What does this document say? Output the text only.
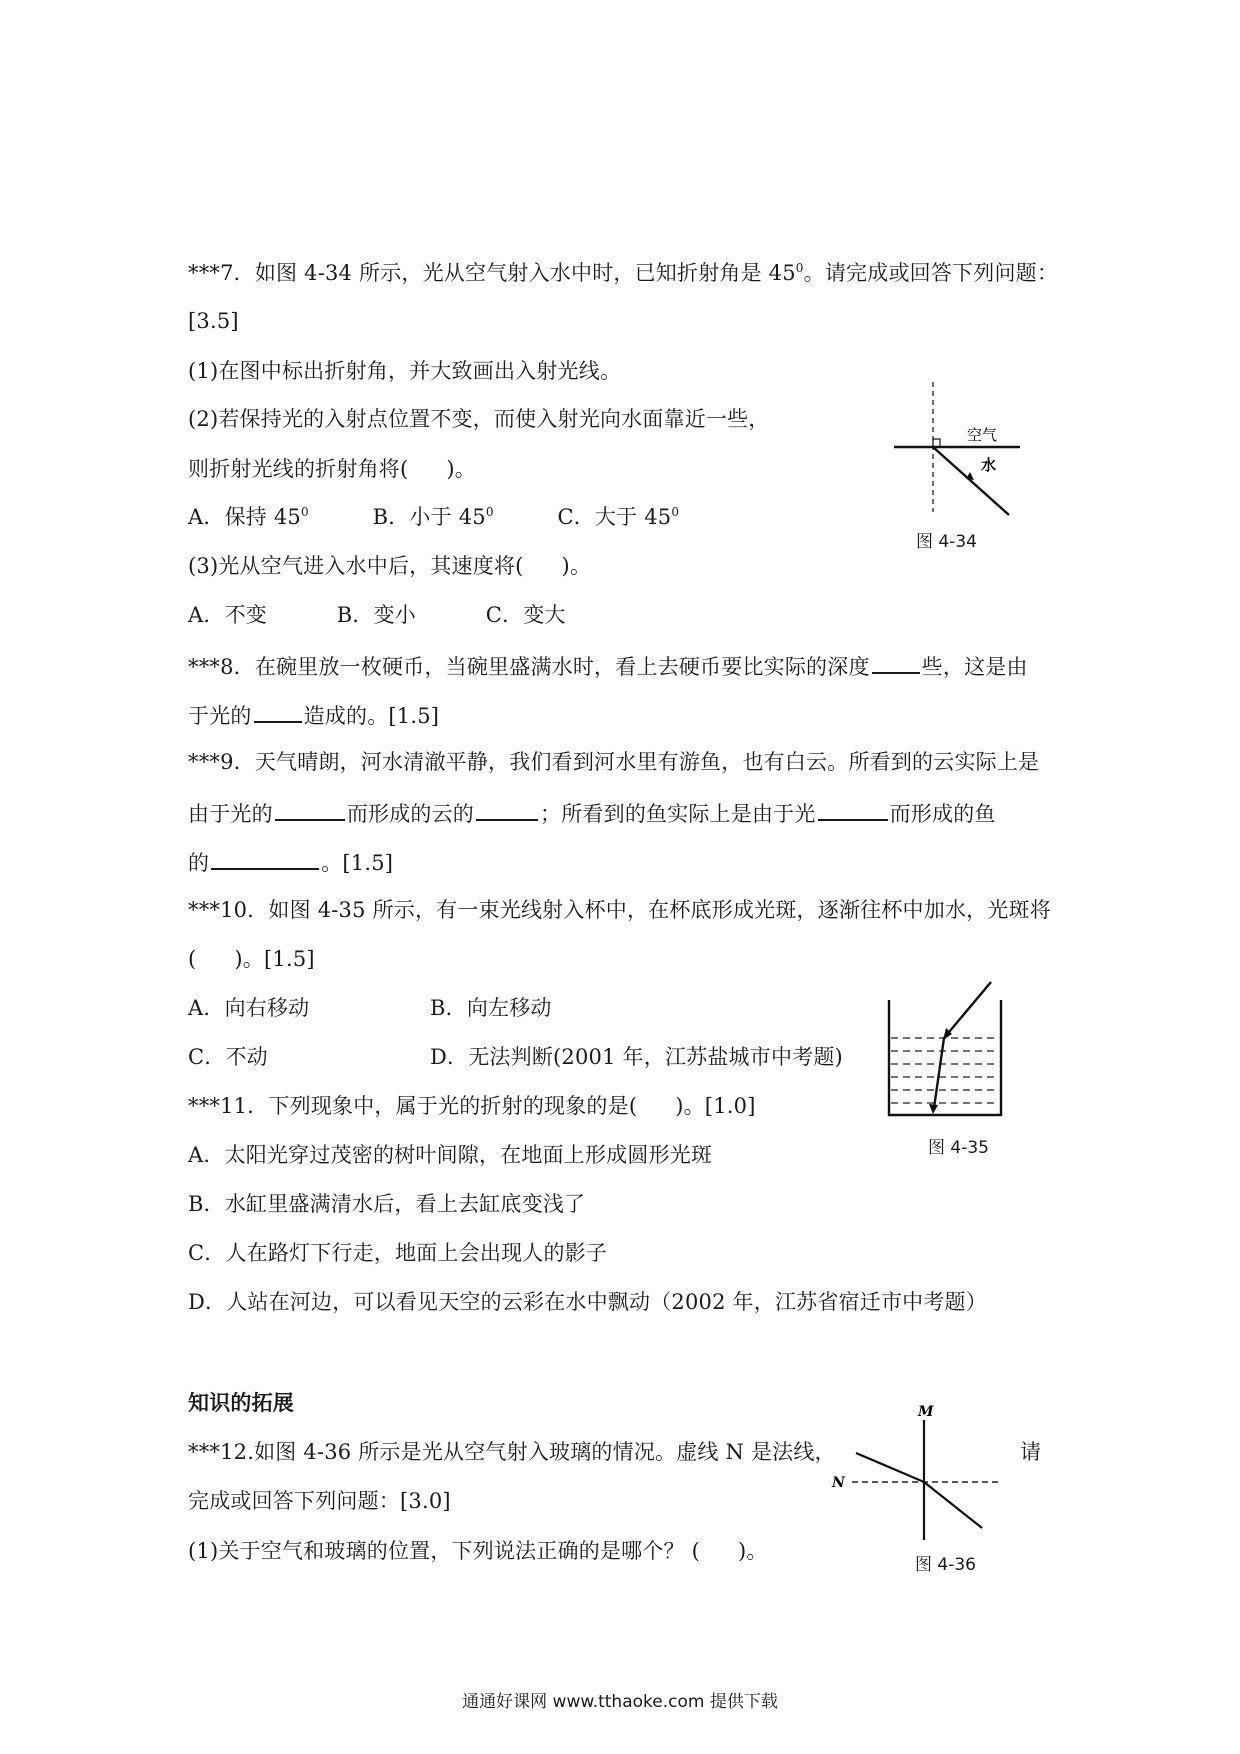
***7．如图 4-34 所示，光从空气射入水中时，已知折射角是 $45^0$。请完成或回答下列问题：
[3.5]
(1)在图中标出折射角，并大致画出入射光线。
(2)若保持光的入射点位置不变，而使入射光向水面靠近一些，
则折射光线的折射角将( )。
A．保持 $45^0$	B．小于 $45^0$	C．大于 $45^0$
(3)光从空气进入水中后，其速度将( )。
A．不变	B．变小	C．变大
空气
水
图 4-34
***8．在碗里放一枚硬币，当碗里盛满水时，看上去硬币要比实际的深度 些，这是由
于光的 造成的。[1.5]
***9．天气晴朗，河水清澈平静，我们看到河水里有游鱼，也有白云。所看到的云实际上是
由于光的	而形成的云的	；所看到的鱼实际上是由于光	而形成的鱼
的	。[1.5]
***10．如图 4-35 所示，有一束光线射入杯中，在杯底形成光斑，逐渐往杯中加水，光斑将
( )。[1.5]
A．向右移动	B．向左移动
C．不动	D．无法判断(2001 年，江苏盐城市中考题)
图 4-35
***11．下列现象中，属于光的折射的现象的是( )。[1.0]
A．太阳光穿过茂密的树叶间隙，在地面上形成圆形光斑
B．水缸里盛满清水后，看上去缸底变浅了
C．人在路灯下行走，地面上会出现人的影子
D．人站在河边，可以看见天空的云彩在水中飘动（2002 年，江苏省宿迁市中考题）
知识的拓展
***12.如图 4-36 所示是光从空气射入玻璃的情况。虚线 N 是法线，	请
完成或回答下列问题：[3.0]
(1)关于空气和玻璃的位置，下列说法正确的是哪个？ ( )。
M
N
图 4-36
通通好课网 www.tthaoke.com 提供下载
